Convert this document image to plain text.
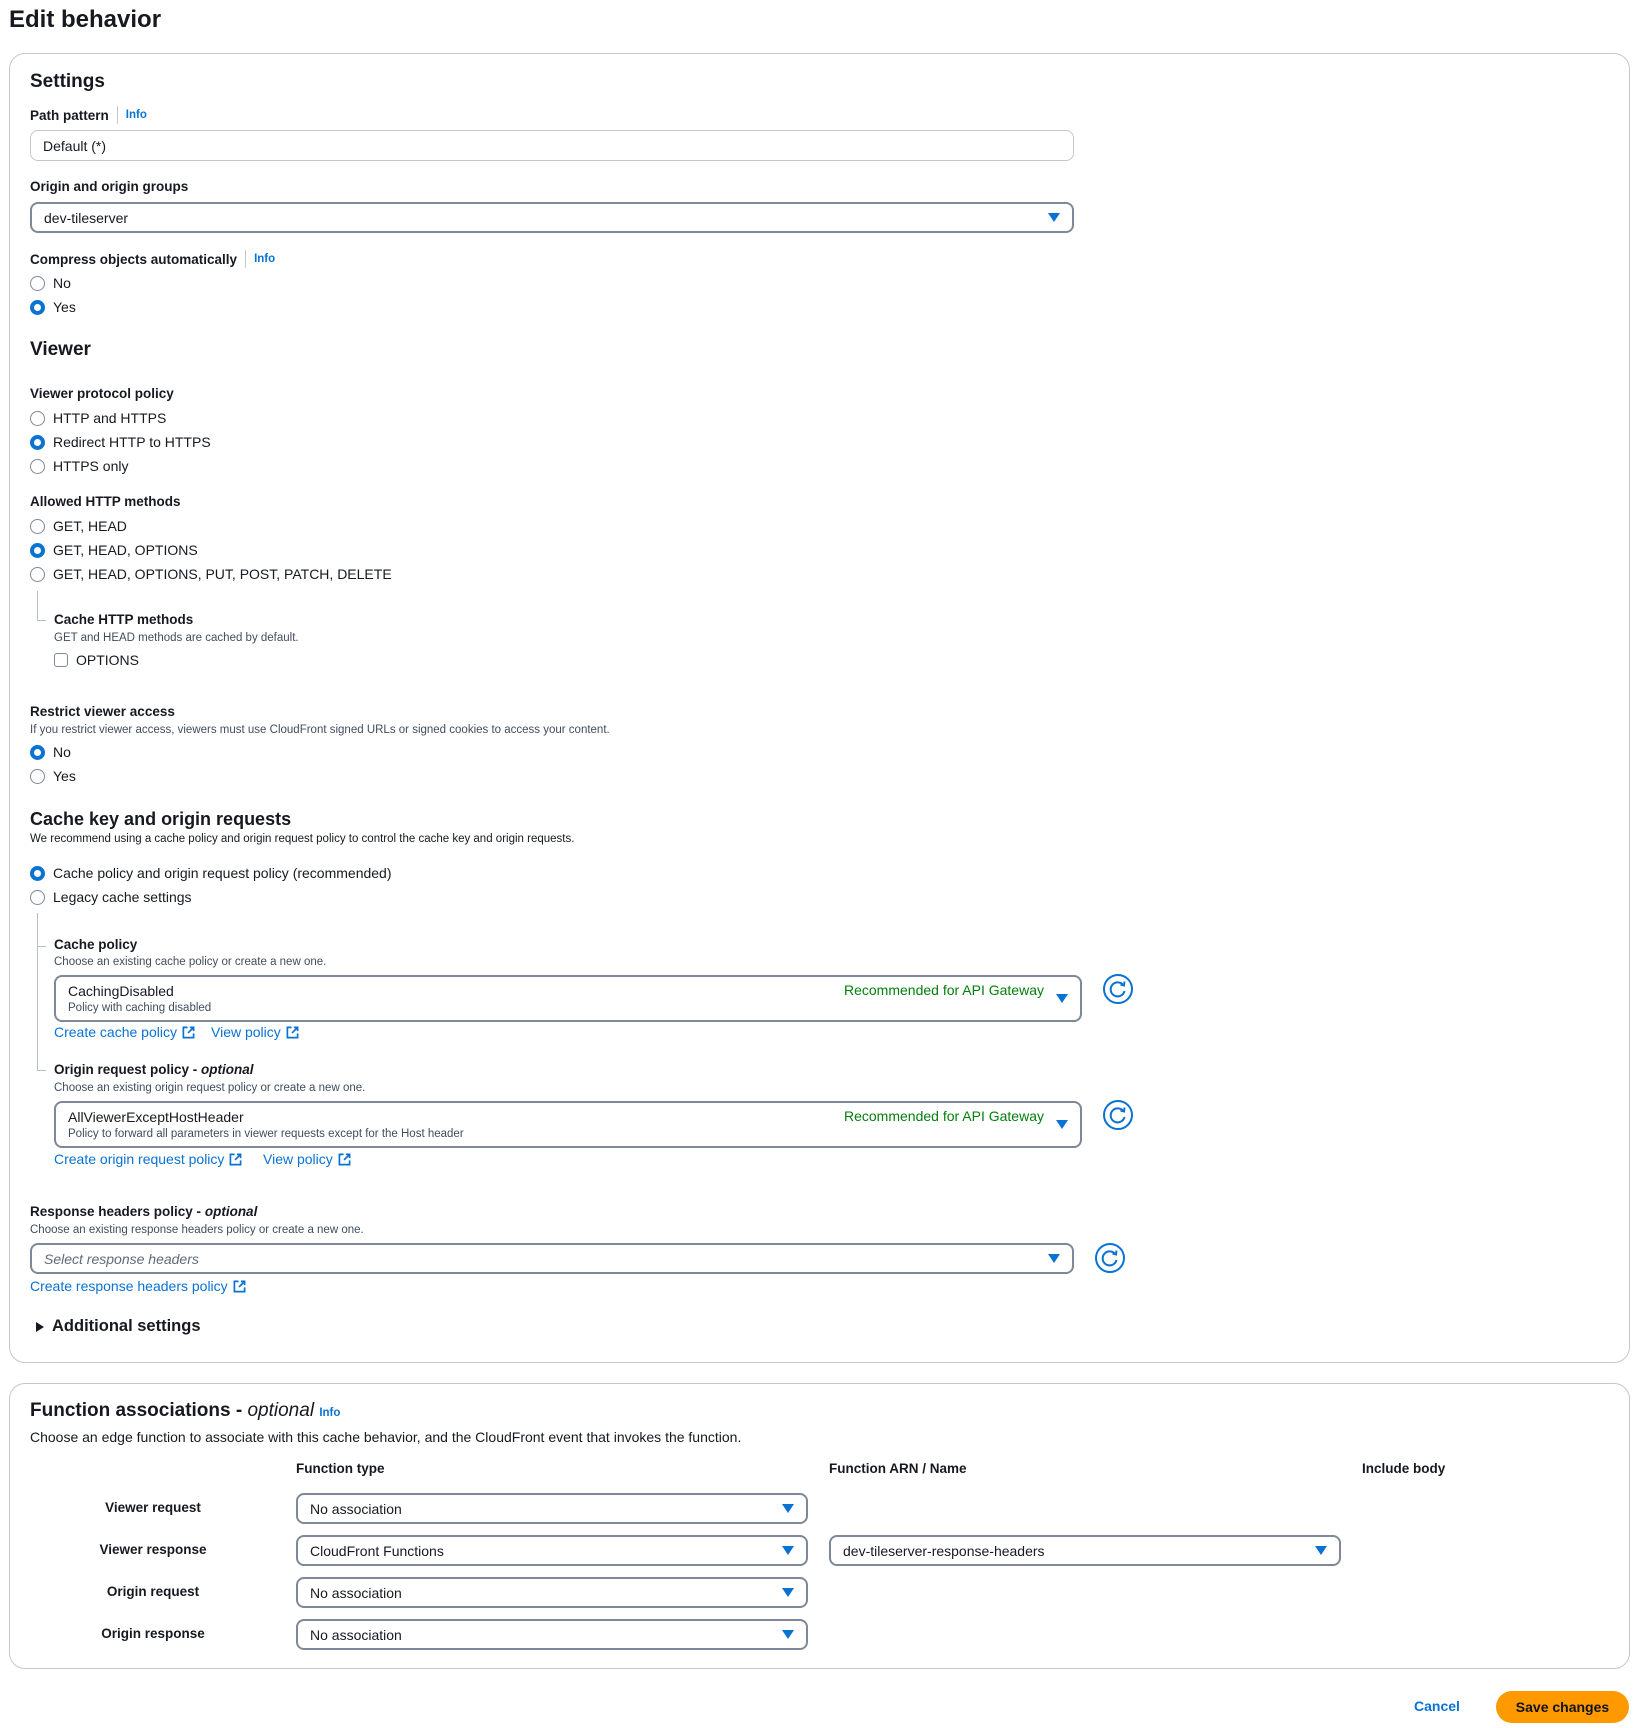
Edit behavior
Settings
Path pattern Info
Default (*)
Origin and origin groups
dev-tileserver
Compress objects automatically Info
No
Yes
Viewer
Viewer protocol policy
HTTP and HTTPS
Redirect HTTP to HTTPS
HTTPS only
Allowed HTTP methods
GET, HEAD
GET, HEAD, OPTIONS
GET, HEAD, OPTIONS, PUT, POST, PATCH, DELETE
Cache HTTP methods
GET and HEAD methods are cached by default.
OPTIONS
Restrict viewer access
If you restrict viewer access, viewers must use CloudFront signed URLs or signed cookies to access your content.
No
Yes
Cache key and origin requests
We recommend using a cache policy and origin request policy to control the cache key and origin requests.
Cache policy and origin request policy (recommended)
Legacy cache settings
Cache policy
Choose an existing cache policy or create a new one.
CachingDisabled
Policy with caching disabled
Recommended for API Gateway
Create cache policy View policy
Origin request policy - optional
Choose an existing origin request policy or create a new one.
AllViewerExceptHostHeader
Policy to forward all parameters in viewer requests except for the Host header
Recommended for API Gateway
Create origin request policy	View policy
Response headers policy - optional
Choose an existing response headers policy or create a new one.
Select response headers
Create response headers policy
Additional settings
Function associations - optional Info
Choose an edge function to associate with this cache behavior, and the CloudFront event that invokes the function.
Function type	Function ARN / Name	Include body
Viewer request	No association
Viewer response	CloudFront Functions	dev-tileserver-response-headers
Origin request	No association
Origin response	No association
Cancel	Save changes
